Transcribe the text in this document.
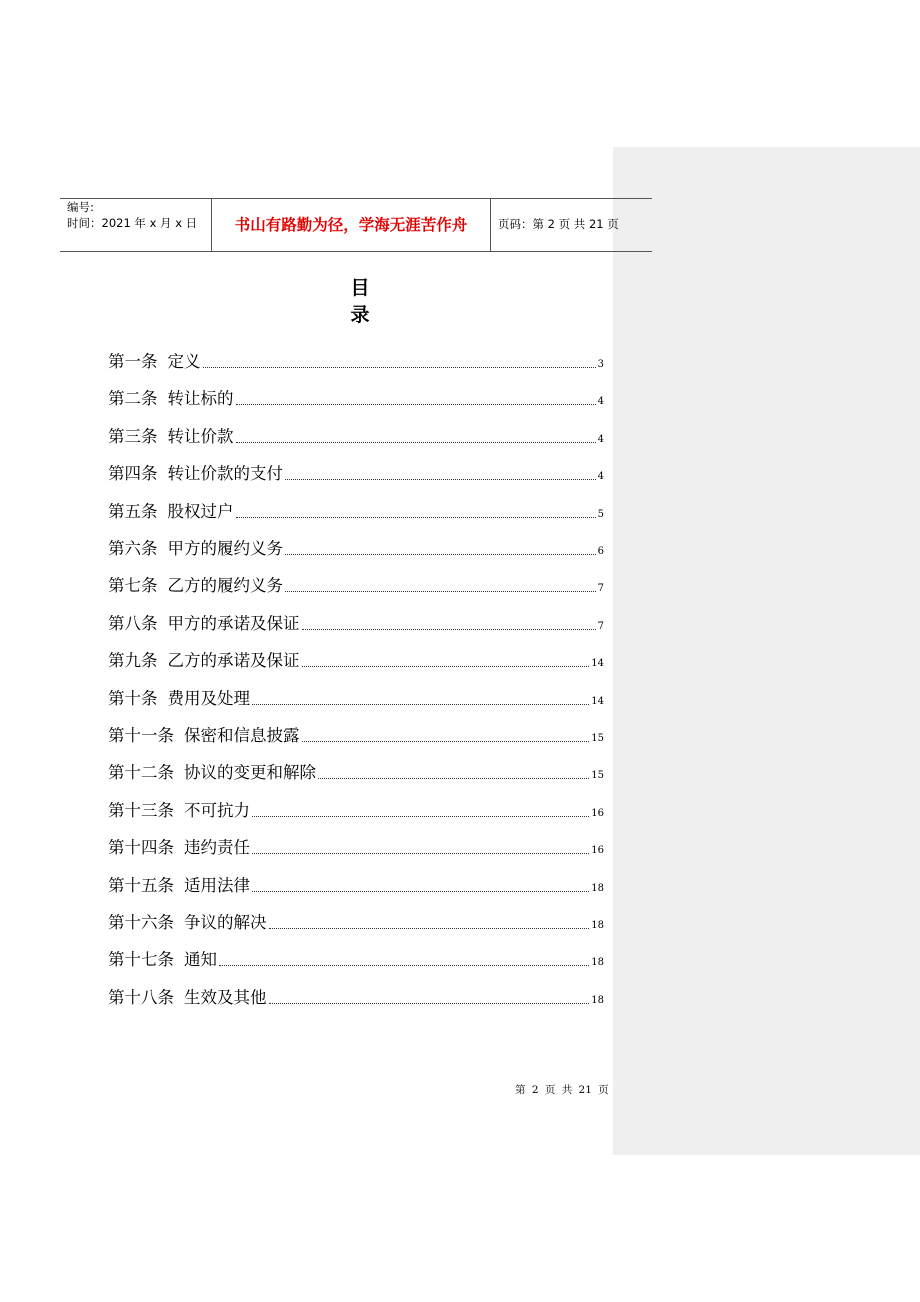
编号:
时间：2021 年 x 月 x 日	书山有路勤为径，学海无涯苦作舟	页码：第 2 页 共 21 页
目 录
第一条 定义	3
第二条 转让标的	4
第三条 转让价款	4
第四条 转让价款的支付	4
第五条 股权过户	5
第六条 甲方的履约义务	6
第七条 乙方的履约义务	7
第八条 甲方的承诺及保证	7
第九条 乙方的承诺及保证	14
第十条 费用及处理	14
第十一条 保密和信息披露	15
第十二条 协议的变更和解除	15
第十三条 不可抗力	16
第十四条 违约责任	16
第十五条 适用法律	18
第十六条 争议的解决	18
第十七条 通知	18
第十八条 生效及其他	18
第 2 页 共 21 页
